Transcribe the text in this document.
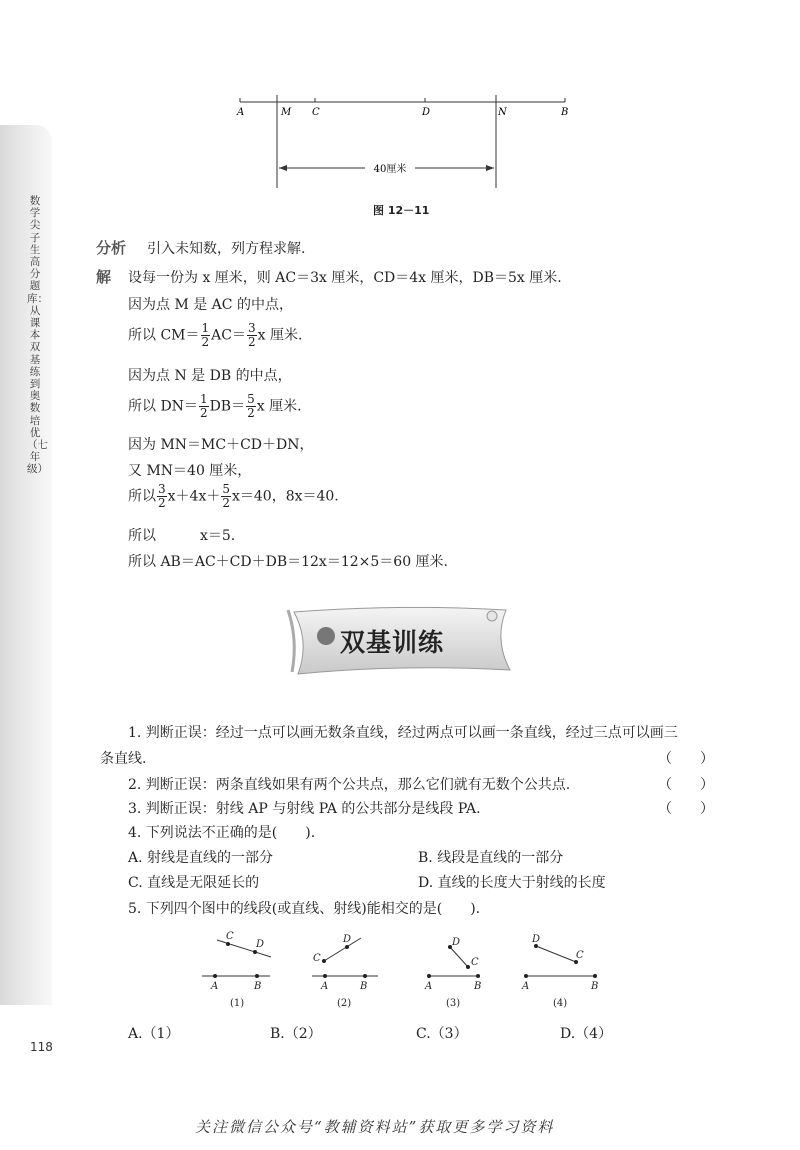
数学尖子生高分题库：从课本双基练到奥数培优（七年级）
118
40厘米
A	M C	D	N	B
图 12－11
分析 引入未知数，列方程求解.
解 设每一份为 x 厘米，则 AC＝3x 厘米，CD＝4x 厘米，DB＝5x 厘米.
因为点 M 是 AC 的中点，
所以 $CM= \frac{1}{2} AC= \frac{3}{2}$ x 厘米.
因为点 N 是 DB 的中点，
所以 $DN= \frac{1}{2} DB= \frac{5}{2}$ x 厘米.
因为 MN＝MC＋CD＋DN，
又 MN＝40 厘米，
所以 $\frac{3}{2} x+4x+ \frac{5}{2} x=40$，8x＝40.
所以	x＝5.
所以 AB＝AC＋CD＋DB＝12x＝12×5＝60 厘米.
双基训练
1. 判断正误：经过一点可以画无数条直线，经过两点可以画一条直线，经过三点可以画三
条直线.	（　　）
2. 判断正误：两条直线如果有两个公共点，那么它们就有无数个公共点.	（　　）
3. 判断正误：射线 AP 与射线 PA 的公共部分是线段 PA.	（　　）
4. 下列说法不正确的是(　　).
A. 射线是直线的一部分	B. 线段是直线的一部分
C. 直线是无限延长的	D. 直线的长度大于射线的长度
5. 下列四个图中的线段(或直线、射线)能相交的是(　　).
A	B
C
D
(1)
A	B
C
D
(2)
A	B
D
C
(3)
A	B
D
C
(4)
A.（1）	B.（2）	C.（3）	D.（4）
关注微信公众号“教辅资料站”获取更多学习资料
